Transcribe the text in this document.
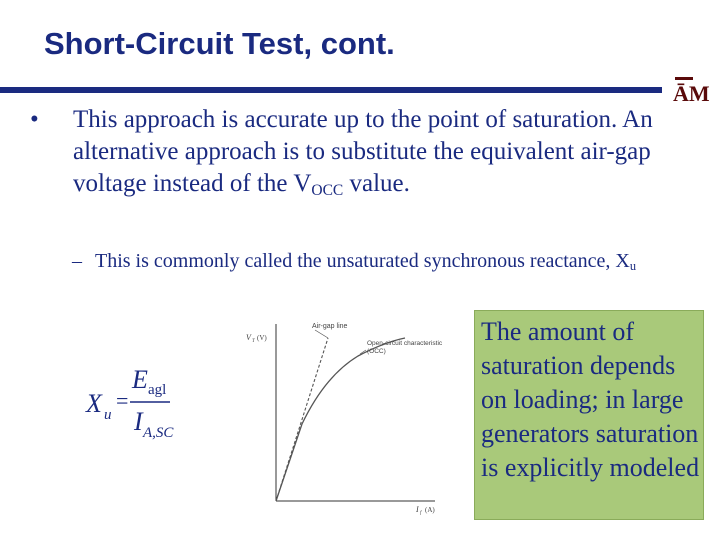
Short-Circuit Test, cont.
ĀM
• This approach is accurate up to the point of saturation. An alternative approach is to substitute the equivalent air-gap voltage instead of the $V_{OCC}$ value.
– This is commonly called the unsaturated synchronous reactance, $X_u$
X u
=
E agl
I A,SC
V T (V)
I f (A)
Air-gap line
Open-circuit characteristic
(OCC)
The amount of saturation depends on loading; in large generators saturation is explicitly modeled
